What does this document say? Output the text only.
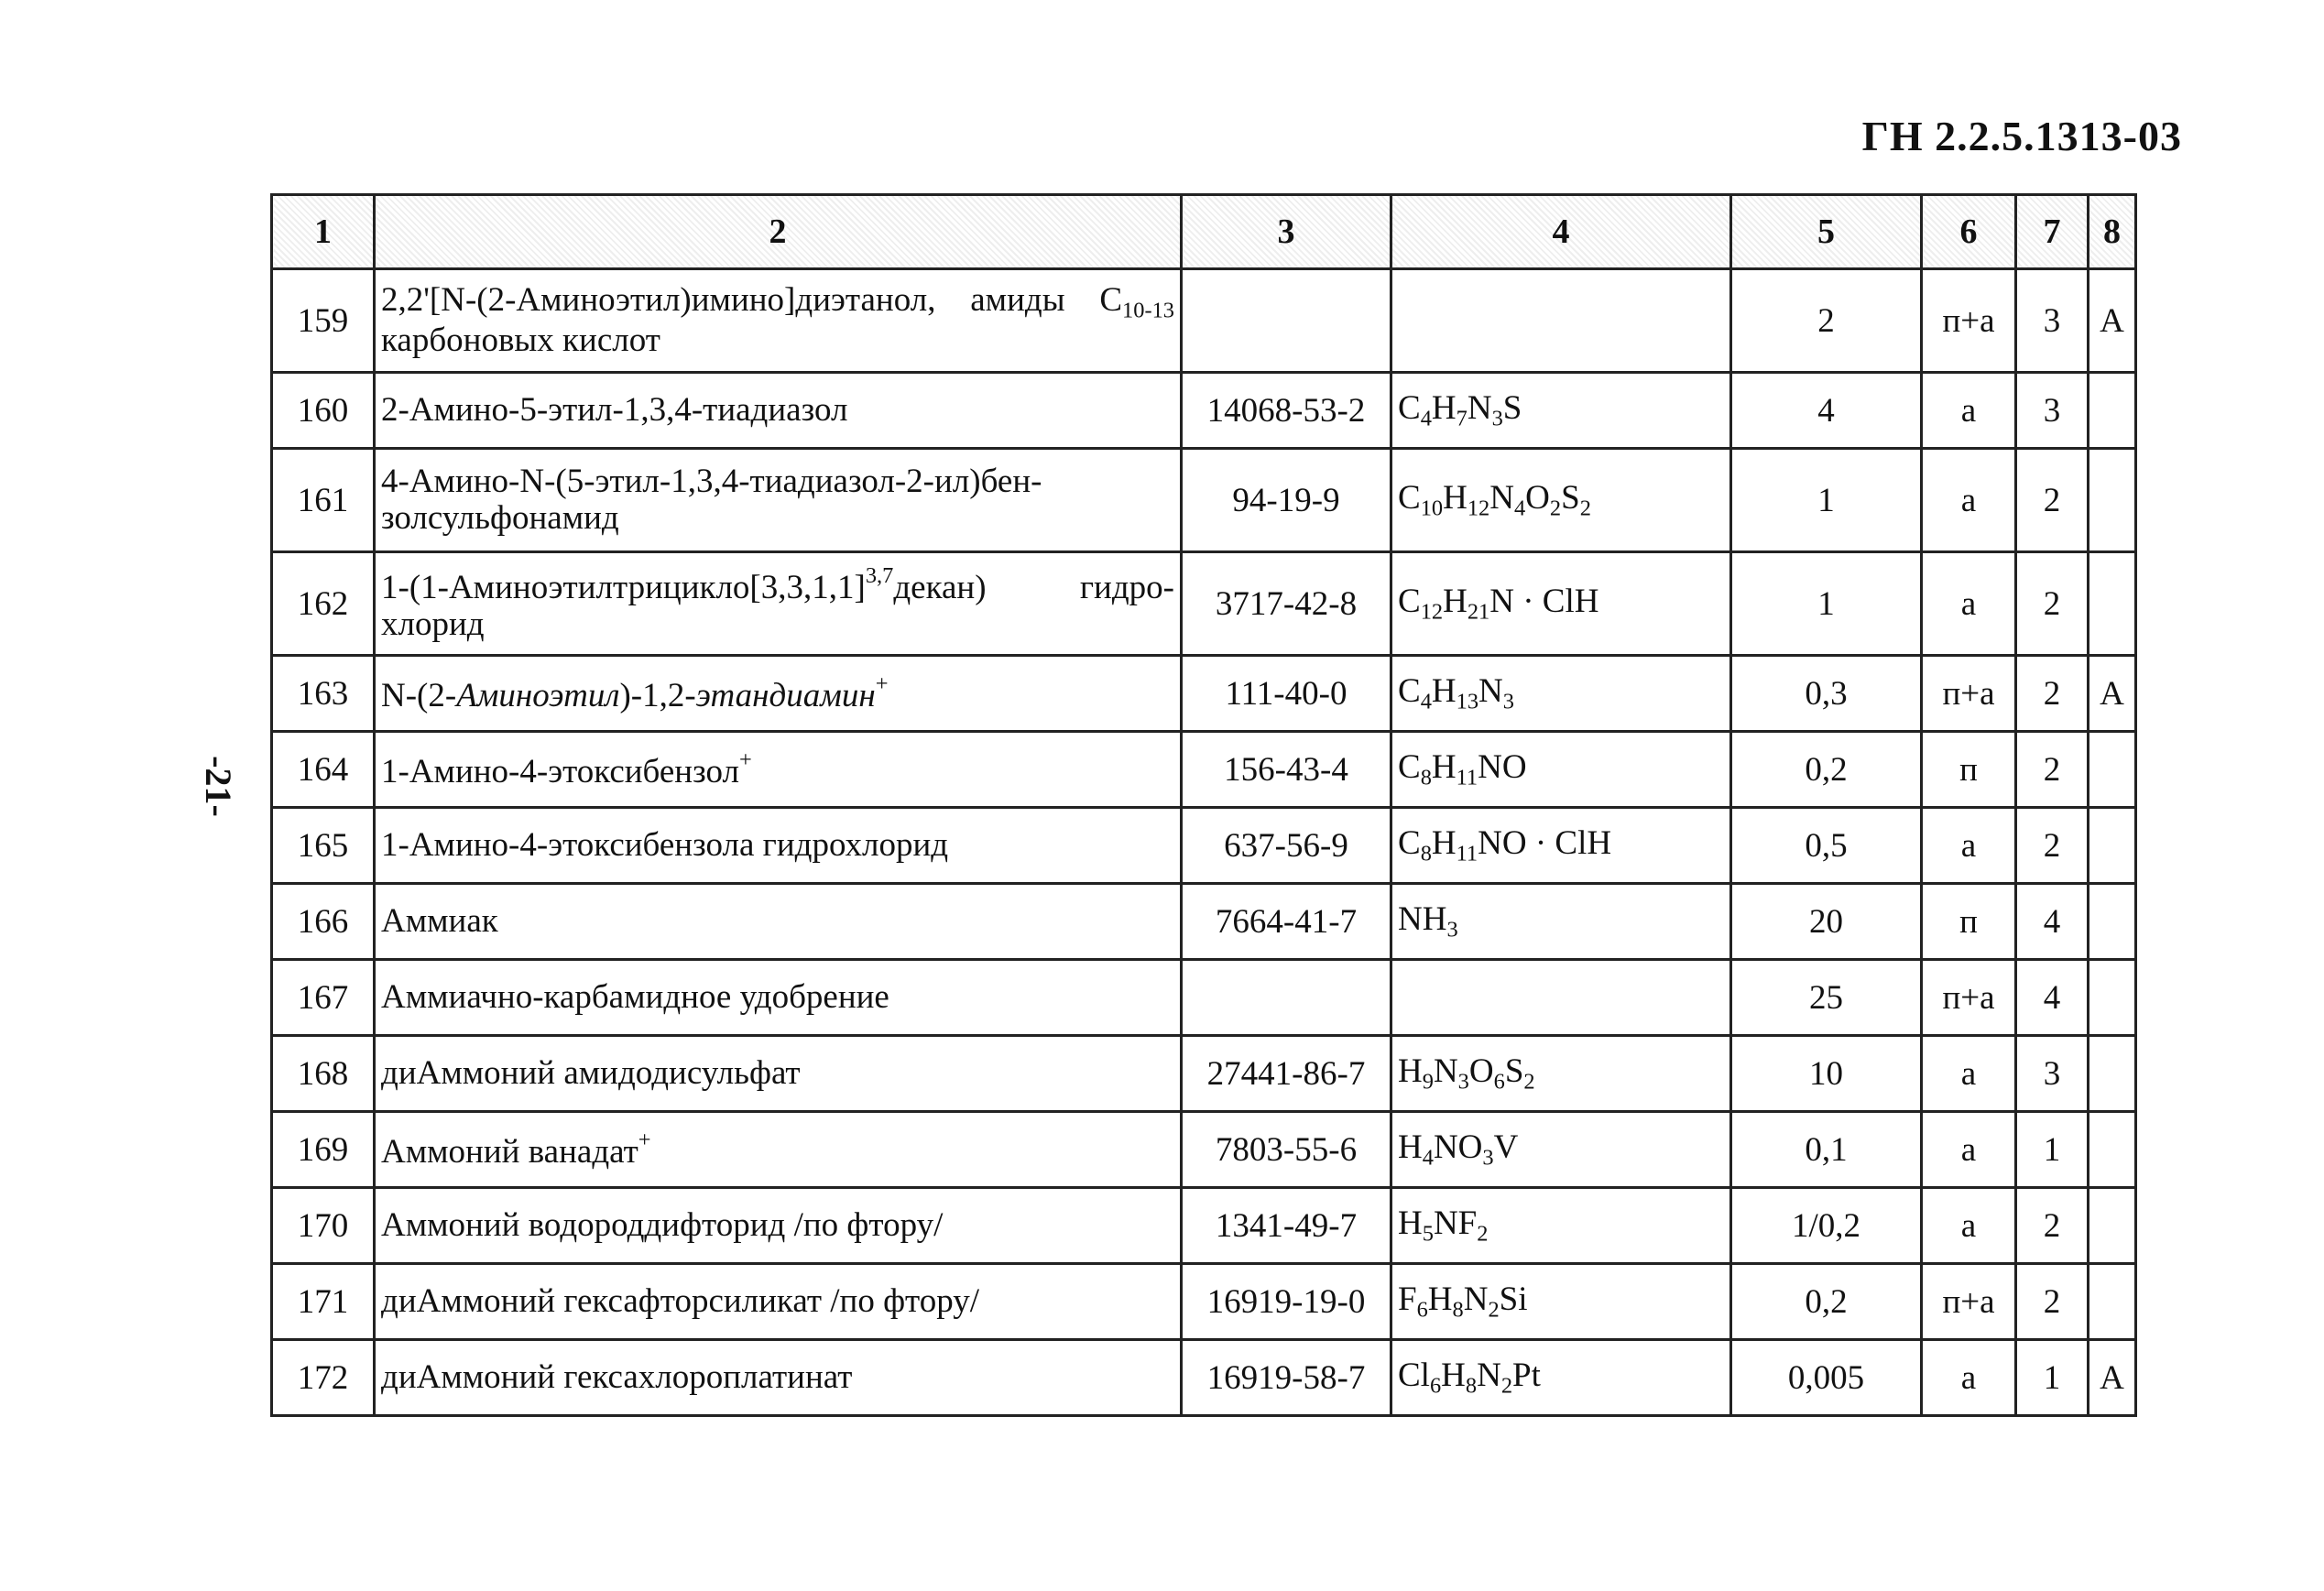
ГН 2.2.5.1313-03
-21-
1	2	3	4	5	6	7	8
159	2,2'[N-(2-Аминоэтил)имино]диэтанол, амиды $C_{10-13}$ карбоновых кислот			2	п+а	3	А
160	2-Амино-5-этил-1,3,4-тиадиазол	14068-53-2	$C_4H_7N_3S$	4	а	3	
161	4-Амино-N-(5-этил-1,3,4-тиадиазол-2-ил)бен-золсульфонамид	94-19-9	$C_{10}H_{12}N_4O_2S_2$	1	а	2	
162	$1-(1-Аминоэтилтрицикло[3,3,1,1]^{3,7}декан)$ гидро-хлорид	3717-42-8	$C_{12}H_{21}N$ · ClH	1	а	2	
163	N-(2-Аминоэтил)-1,2-этандиамин+	111-40-0	$C_4H_{13}N_3$	0,3	п+а	2	А
164	1-Амино-4-этоксибензол+	156-43-4	$C_8H_{11}NO$	0,2	п	2	
165	1-Амино-4-этоксибензола гидрохлорид	637-56-9	$C_8H_{11}NO$ · ClH	0,5	а	2	
166	Аммиак	7664-41-7	$NH_3$	20	п	4	
167	Аммиачно-карбамидное удобрение			25	п+а	4	
168	диАммоний амидодисульфат	27441-86-7	$H_9N_3O_6S_2$	10	а	3	
169	Аммоний ванадат+	7803-55-6	$H_4NO_3V$	0,1	а	1	
170	Аммоний водороддифторид /по фтору/	1341-49-7	$H_5NF_2$	1/0,2	а	2	
171	диАммоний гексафторсиликат /по фтору/	16919-19-0	$F_6H_8N_2Si$	0,2	п+а	2	
172	диАммоний гексахлороплатинат	16919-58-7	$Cl_6H_8N_2Pt$	0,005	а	1	А
